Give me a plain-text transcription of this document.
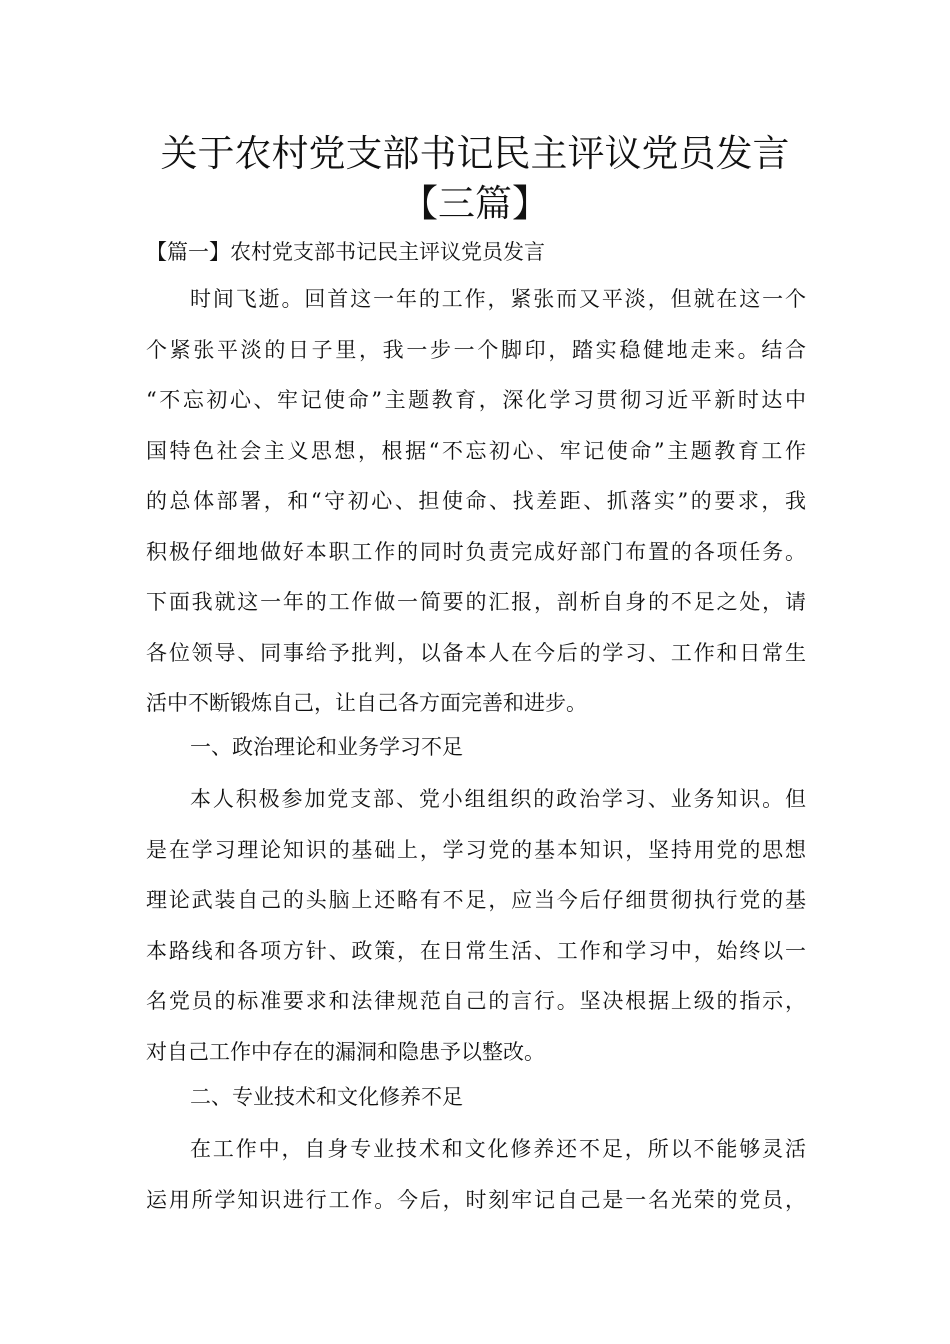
关于农村党支部书记民主评议党员发言
【三篇】
【篇一】农村党支部书记民主评议党员发言
时间飞逝。回首这一年的工作，紧张而又平淡，但就在这一个
个紧张平淡的日子里，我一步一个脚印，踏实稳健地走来。结合
“不忘初心、牢记使命”主题教育，深化学习贯彻习近平新时达中
国特色社会主义思想，根据“不忘初心、牢记使命”主题教育工作
的总体部署，和“守初心、担使命、找差距、抓落实”的要求，我
积极仔细地做好本职工作的同时负责完成好部门布置的各项任务。
下面我就这一年的工作做一简要的汇报，剖析自身的不足之处，请
各位领导、同事给予批判，以备本人在今后的学习、工作和日常生
活中不断锻炼自己，让自己各方面完善和进步。
一、政治理论和业务学习不足
本人积极参加党支部、党小组组织的政治学习、业务知识。但
是在学习理论知识的基础上，学习党的基本知识，坚持用党的思想
理论武装自己的头脑上还略有不足，应当今后仔细贯彻执行党的基
本路线和各项方针、政策，在日常生活、工作和学习中，始终以一
名党员的标准要求和法律规范自己的言行。坚决根据上级的指示，
对自己工作中存在的漏洞和隐患予以整改。
二、专业技术和文化修养不足
在工作中，自身专业技术和文化修养还不足，所以不能够灵活
运用所学知识进行工作。今后，时刻牢记自己是一名光荣的党员，
